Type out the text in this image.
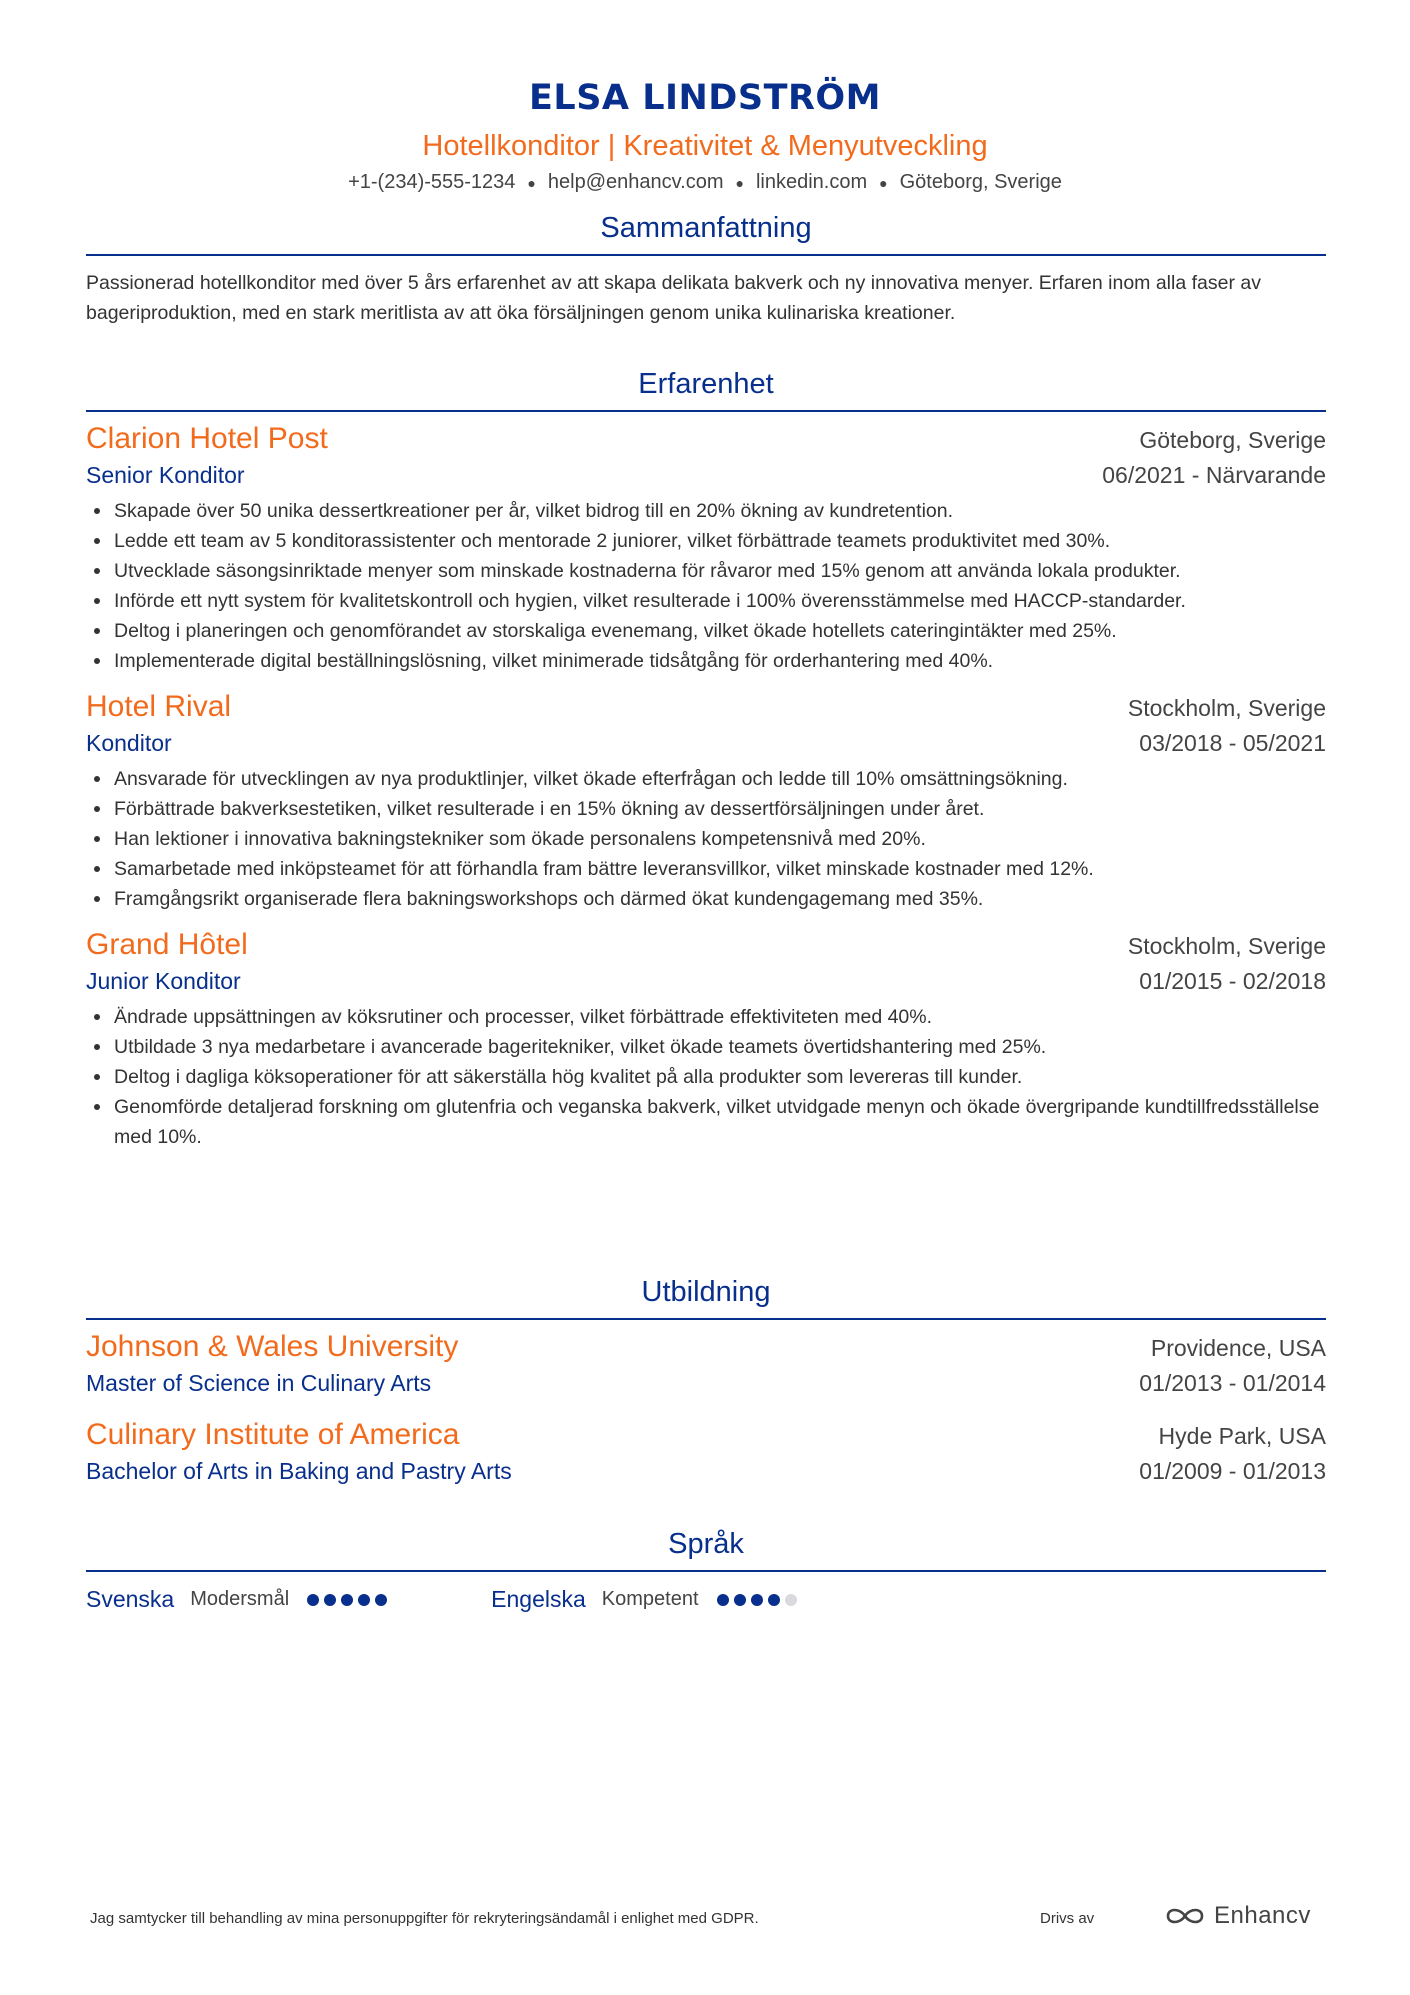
ELSA LINDSTRÖM
Hotellkonditor | Kreativitet & Menyutveckling
+1-(234)-555-1234 ● help@enhancv.com ● linkedin.com ● Göteborg, Sverige
Sammanfattning
Passionerad hotellkonditor med över 5 års erfarenhet av att skapa delikata bakverk och ny innovativa menyer. Erfaren inom alla faser av bageriproduktion, med en stark meritlista av att öka försäljningen genom unika kulinariska kreationer.
Erfarenhet
Clarion Hotel Post	Göteborg, Sverige
Senior Konditor	06/2021 - Närvarande
Skapade över 50 unika dessertkreationer per år, vilket bidrog till en 20% ökning av kundretention.
Ledde ett team av 5 konditorassistenter och mentorade 2 juniorer, vilket förbättrade teamets produktivitet med 30%.
Utvecklade säsongsinriktade menyer som minskade kostnaderna för råvaror med 15% genom att använda lokala produkter.
Införde ett nytt system för kvalitetskontroll och hygien, vilket resulterade i 100% överensstämmelse med HACCP-standarder.
Deltog i planeringen och genomförandet av storskaliga evenemang, vilket ökade hotellets cateringintäkter med 25%.
Implementerade digital beställningslösning, vilket minimerade tidsåtgång för orderhantering med 40%.
Hotel Rival	Stockholm, Sverige
Konditor	03/2018 - 05/2021
Ansvarade för utvecklingen av nya produktlinjer, vilket ökade efterfrågan och ledde till 10% omsättningsökning.
Förbättrade bakverksestetiken, vilket resulterade i en 15% ökning av dessertförsäljningen under året.
Han lektioner i innovativa bakningstekniker som ökade personalens kompetensnivå med 20%.
Samarbetade med inköpsteamet för att förhandla fram bättre leveransvillkor, vilket minskade kostnader med 12%.
Framgångsrikt organiserade flera bakningsworkshops och därmed ökat kundengagemang med 35%.
Grand Hôtel	Stockholm, Sverige
Junior Konditor	01/2015 - 02/2018
Ändrade uppsättningen av köksrutiner och processer, vilket förbättrade effektiviteten med 40%.
Utbildade 3 nya medarbetare i avancerade bageritekniker, vilket ökade teamets övertidshantering med 25%.
Deltog i dagliga köksoperationer för att säkerställa hög kvalitet på alla produkter som levereras till kunder.
Genomförde detaljerad forskning om glutenfria och veganska bakverk, vilket utvidgade menyn och ökade övergripande kundtillfredsställelse med 10%.
Utbildning
Johnson & Wales University	Providence, USA
Master of Science in Culinary Arts	01/2013 - 01/2014
Culinary Institute of America	Hyde Park, USA
Bachelor of Arts in Baking and Pastry Arts	01/2009 - 01/2013
Språk
Svenska Modersmål	Engelska Kompetent
Jag samtycker till behandling av mina personuppgifter för rekryteringsändamål i enlighet med GDPR.	Drivs av	Enhancv
